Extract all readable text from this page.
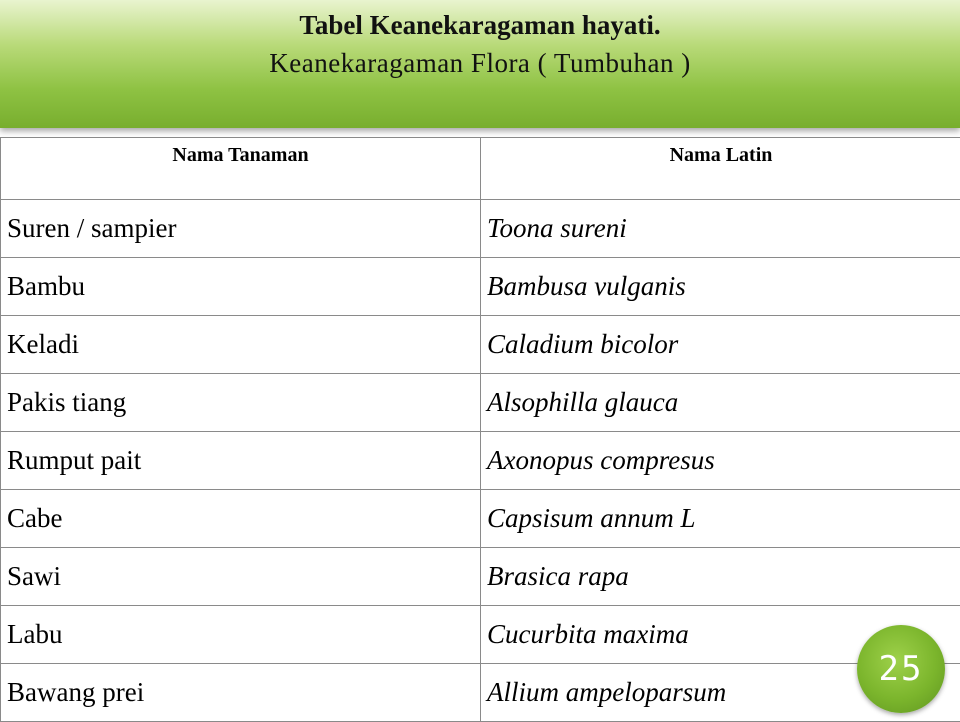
Tabel Keanekaragaman hayati.
Keanekaragaman Flora ( Tumbuhan )
Nama Tanaman	Nama Latin
Suren / sampier	Toona sureni
Bambu	Bambusa vulganis
Keladi	Caladium bicolor
Pakis tiang	Alsophilla glauca
Rumput pait	Axonopus compresus
Cabe	Capsisum annum L
Sawi	Brasica rapa
Labu	Cucurbita maxima
Bawang prei	Allium ampeloparsum
25
